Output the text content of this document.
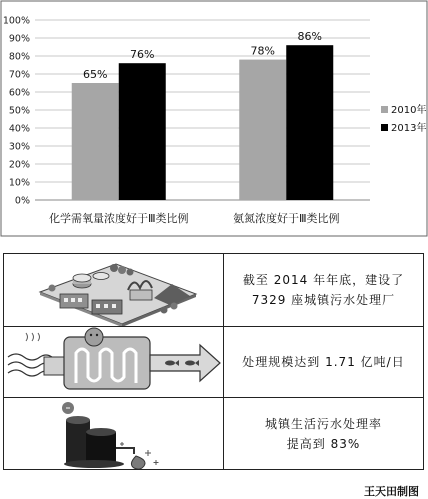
0%
10%
20%
30%
40%
50%
60%
70%
80%
90%
100%
65%
76%
化学需氧量浓度好于Ⅲ类比例
78%
86%
氨氮浓度好于Ⅲ类比例
2010年
2013年
截至 2014 年年底，建设了
7329 座城镇污水处理厂
处理规模达到 1.71 亿吨/日
城镇生活污水处理率
提高到 83%
王天田制图
